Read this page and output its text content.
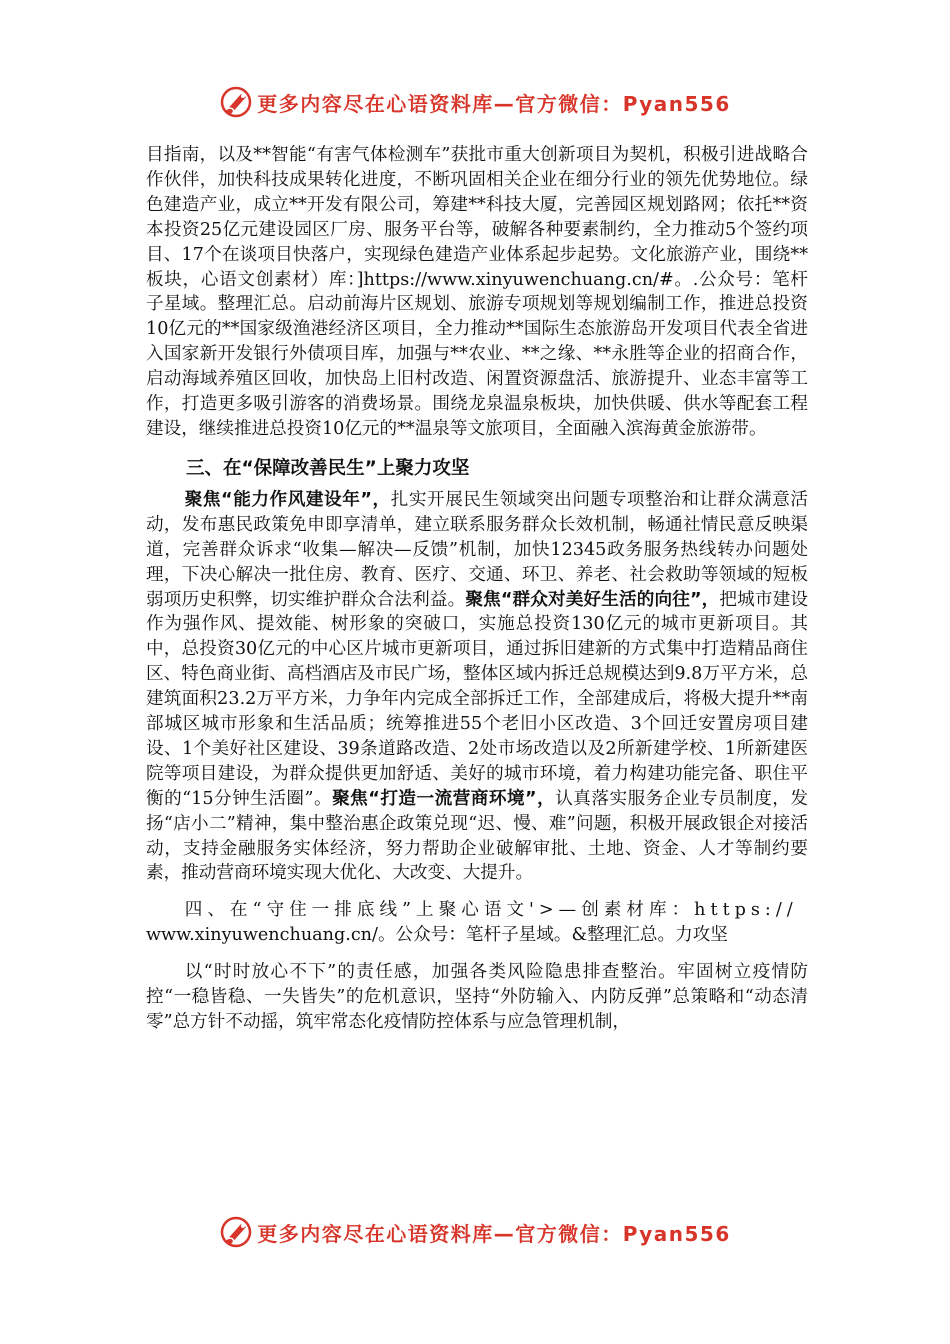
更多内容尽在心语资料库—官方微信：Pyan556

目指南，以及**智能“有害气体检测车”获批市重大创新项目为契机，积极引进战略合作伙伴，加快科技成果转化进度，不断巩固相关企业在细分行业的领先优势地位。绿色建造产业，成立**开发有限公司，筹建**科技大厦，完善园区规划路网；依托**资本投资25亿元建设园区厂房、服务平台等，破解各种要素制约，全力推动5个签约项目、17个在谈项目快落户，实现绿色建造产业体系起步起势。文化旅游产业，围绕**板块，心语文创素材）库：]https://www.xinyuwenchuang.cn/#。.公众号：笔杆子星域。整理汇总。启动前海片区规划、旅游专项规划等规划编制工作，推进总投资10亿元的**国家级渔港经济区项目，全力推动**国际生态旅游岛开发项目代表全省进入国家新开发银行外债项目库，加强与**农业、**之缘、**永胜等企业的招商合作，启动海域养殖区回收，加快岛上旧村改造、闲置资源盘活、旅游提升、业态丰富等工作，打造更多吸引游客的消费场景。围绕龙泉温泉板块，加快供暖、供水等配套工程建设，继续推进总投资10亿元的**温泉等文旅项目，全面融入滨海黄金旅游带。

三、在“保障改善民生”上聚力攻坚

聚焦“能力作风建设年”，扎实开展民生领域突出问题专项整治和让群众满意活动，发布惠民政策免申即享清单，建立联系服务群众长效机制，畅通社情民意反映渠道，完善群众诉求“收集—解决—反馈”机制，加快12345政务服务热线转办问题处理，下决心解决一批住房、教育、医疗、交通、环卫、养老、社会救助等领域的短板弱项历史积弊，切实维护群众合法利益。聚焦“群众对美好生活的向往”，把城市建设作为强作风、提效能、树形象的突破口，实施总投资130亿元的城市更新项目。其中，总投资30亿元的中心区片城市更新项目，通过拆旧建新的方式集中打造精品商住区、特色商业街、高档酒店及市民广场，整体区域内拆迁总规模达到9.8万平方米，总建筑面积23.2万平方米，力争年内完成全部拆迁工作，全部建成后，将极大提升**南部城区城市形象和生活品质；统筹推进55个老旧小区改造、3个回迁安置房项目建设、1个美好社区建设、39条道路改造、2处市场改造以及2所新建学校、1所新建医院等项目建设，为群众提供更加舒适、美好的城市环境，着力构建功能完备、职住平衡的“15分钟生活圈”。聚焦“打造一流营商环境”，认真落实服务企业专员制度，发扬“店小二”精神，集中整治惠企政策兑现“迟、慢、难”问题，积极开展政银企对接活动，支持金融服务实体经济，努力帮助企业破解审批、土地、资金、人才等制约要素，推动营商环境实现大优化、大改变、大提升。

四、在“守住一排底线”上聚心语文'>—创素材库：https://

www.xinyuwenchuang.cn/。公众号：笔杆子星域。&整理汇总。力攻坚

以“时时放心不下”的责任感，加强各类风险隐患排查整治。牢固树立疫情防控“一稳皆稳、一失皆失”的危机意识，坚持“外防输入、内防反弹”总策略和“动态清零”总方针不动摇，筑牢常态化疫情防控体系与应急管理机制，

更多内容尽在心语资料库—官方微信：Pyan556
